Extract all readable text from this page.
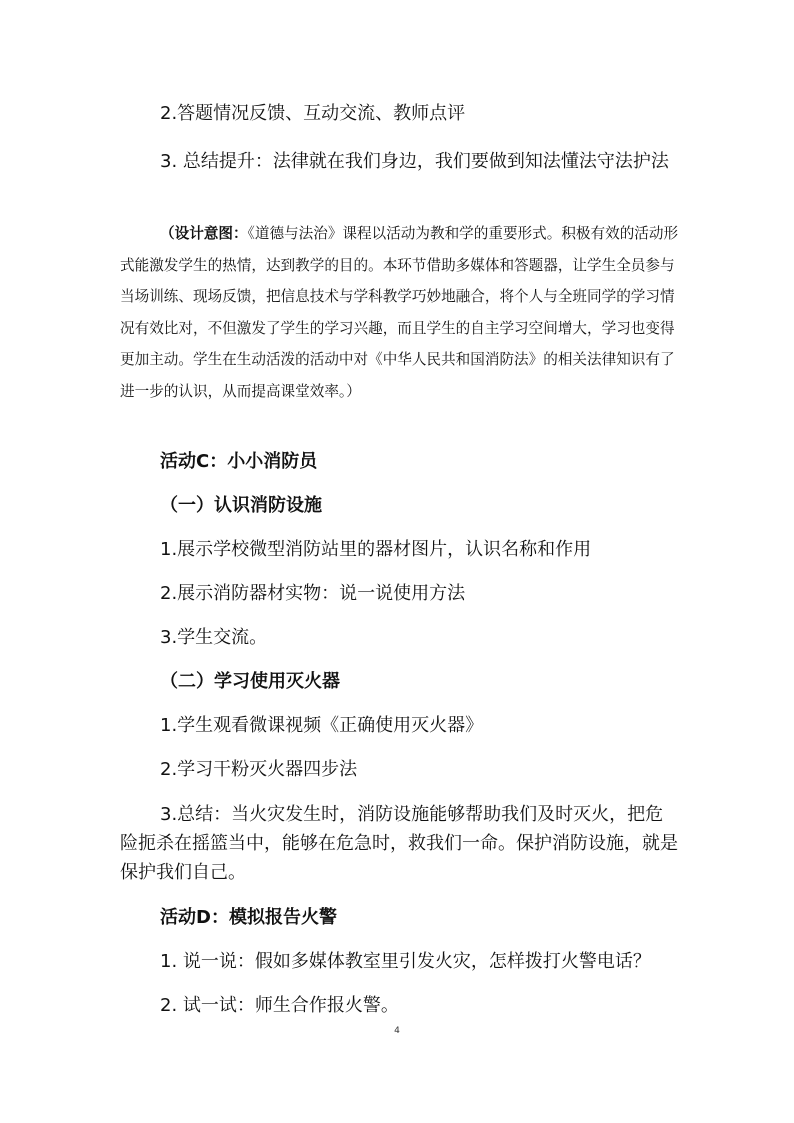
2.答题情况反馈、互动交流、教师点评

3. 总结提升：法律就在我们身边，我们要做到知法懂法守法护法

（设计意图：《道德与法治》课程以活动为教和学的重要形式。积极有效的活动形式能激发学生的热情，达到教学的目的。本环节借助多媒体和答题器，让学生全员参与当场训练、现场反馈，把信息技术与学科教学巧妙地融合，将个人与全班同学的学习情况有效比对，不但激发了学生的学习兴趣，而且学生的自主学习空间增大，学习也变得更加主动。学生在生动活泼的活动中对《中华人民共和国消防法》的相关法律知识有了进一步的认识，从而提高课堂效率。）

活动C：小小消防员

（一）认识消防设施

1.展示学校微型消防站里的器材图片，认识名称和作用

2.展示消防器材实物：说一说使用方法

3.学生交流。

（二）学习使用灭火器

1.学生观看微课视频《正确使用灭火器》

2.学习干粉灭火器四步法

3.总结：当火灾发生时，消防设施能够帮助我们及时灭火，把危险扼杀在摇篮当中，能够在危急时，救我们一命。保护消防设施，就是保护我们自己。

活动D：模拟报告火警

1. 说一说：假如多媒体教室里引发火灾，怎样拨打火警电话？

2. 试一试：师生合作报火警。

4
